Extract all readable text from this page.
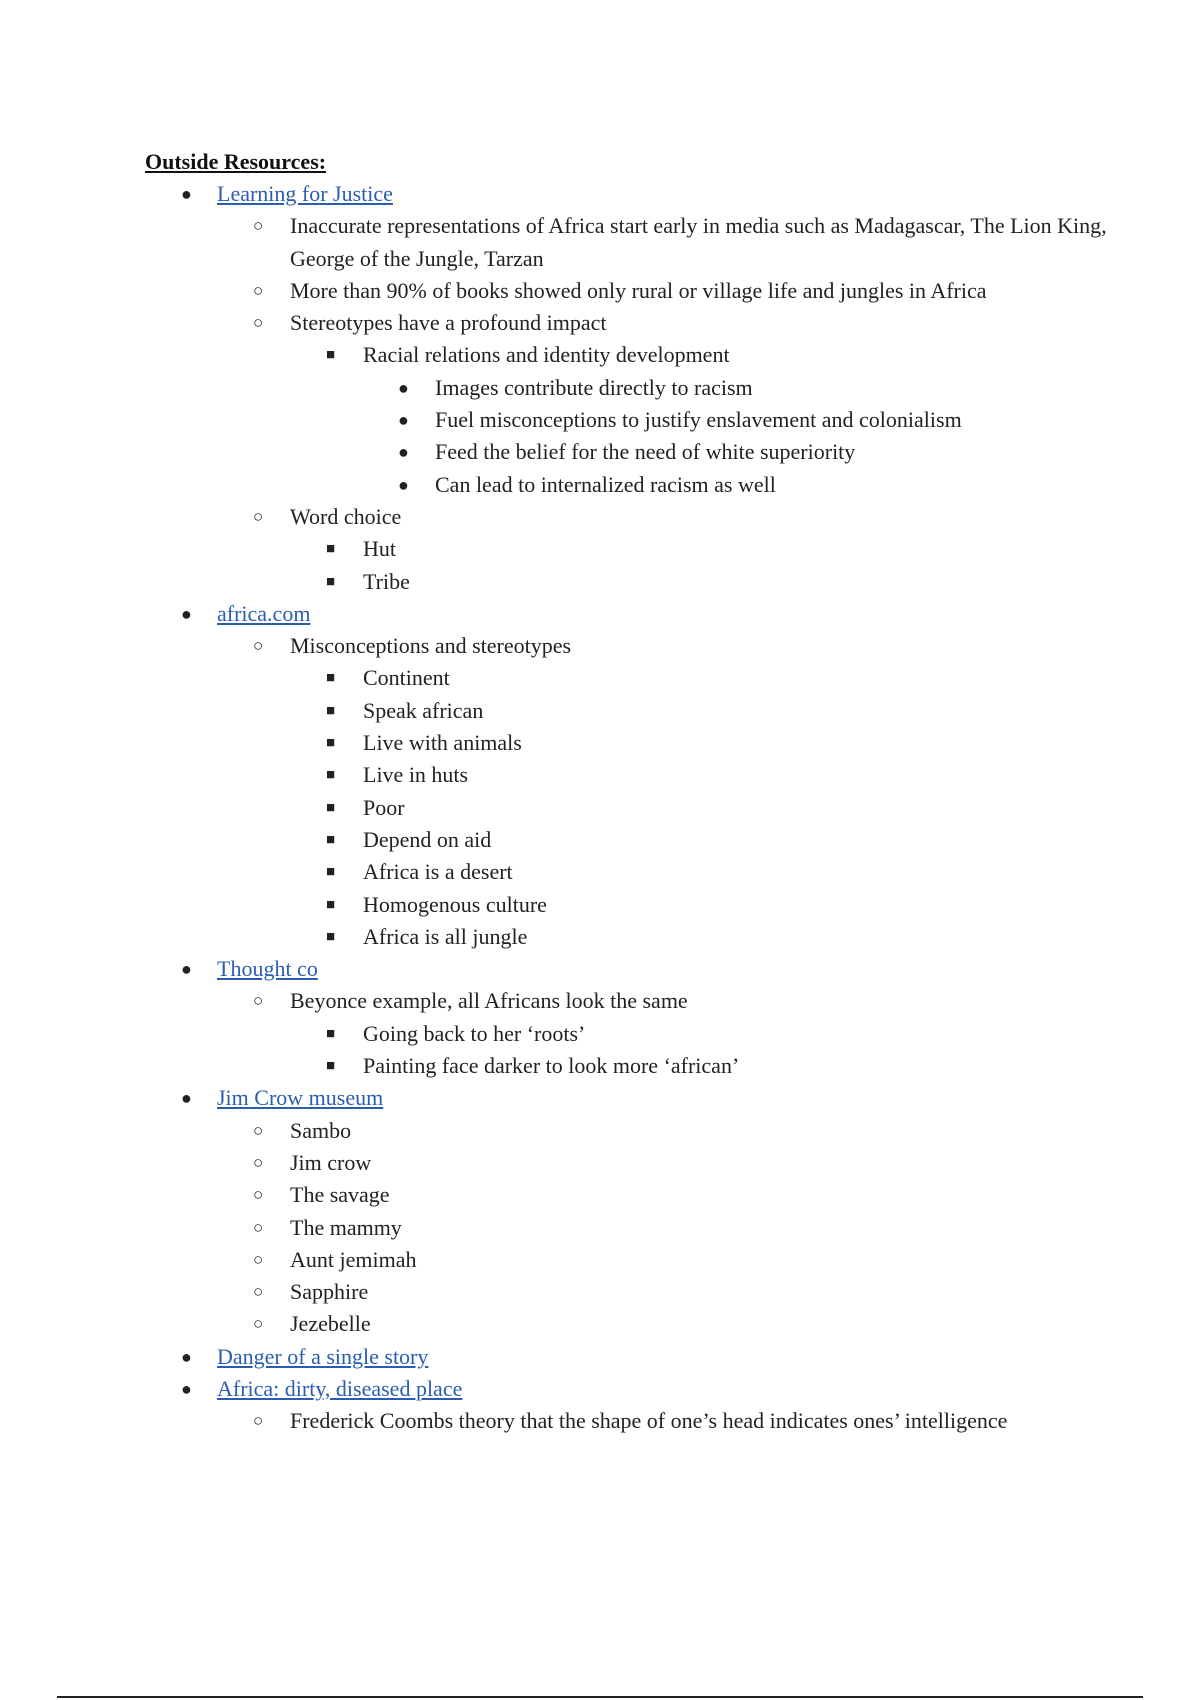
Outside Resources:
● Learning for Justice
○ Inaccurate representations of Africa start early in media such as Madagascar, The Lion King, George of the Jungle, Tarzan
○ More than 90% of books showed only rural or village life and jungles in Africa
○ Stereotypes have a profound impact
■ Racial relations and identity development
● Images contribute directly to racism
● Fuel misconceptions to justify enslavement and colonialism
● Feed the belief for the need of white superiority
● Can lead to internalized racism as well
○ Word choice
■ Hut
■ Tribe
● africa.com
○ Misconceptions and stereotypes
■ Continent
■ Speak african
■ Live with animals
■ Live in huts
■ Poor
■ Depend on aid
■ Africa is a desert
■ Homogenous culture
■ Africa is all jungle
● Thought co
○ Beyonce example, all Africans look the same
■ Going back to her ‘roots’
■ Painting face darker to look more ‘african’
● Jim Crow museum
○ Sambo
○ Jim crow
○ The savage
○ The mammy
○ Aunt jemimah
○ Sapphire
○ Jezebelle
● Danger of a single story
● Africa: dirty, diseased place
○ Frederick Coombs theory that the shape of one’s head indicates ones’ intelligence
